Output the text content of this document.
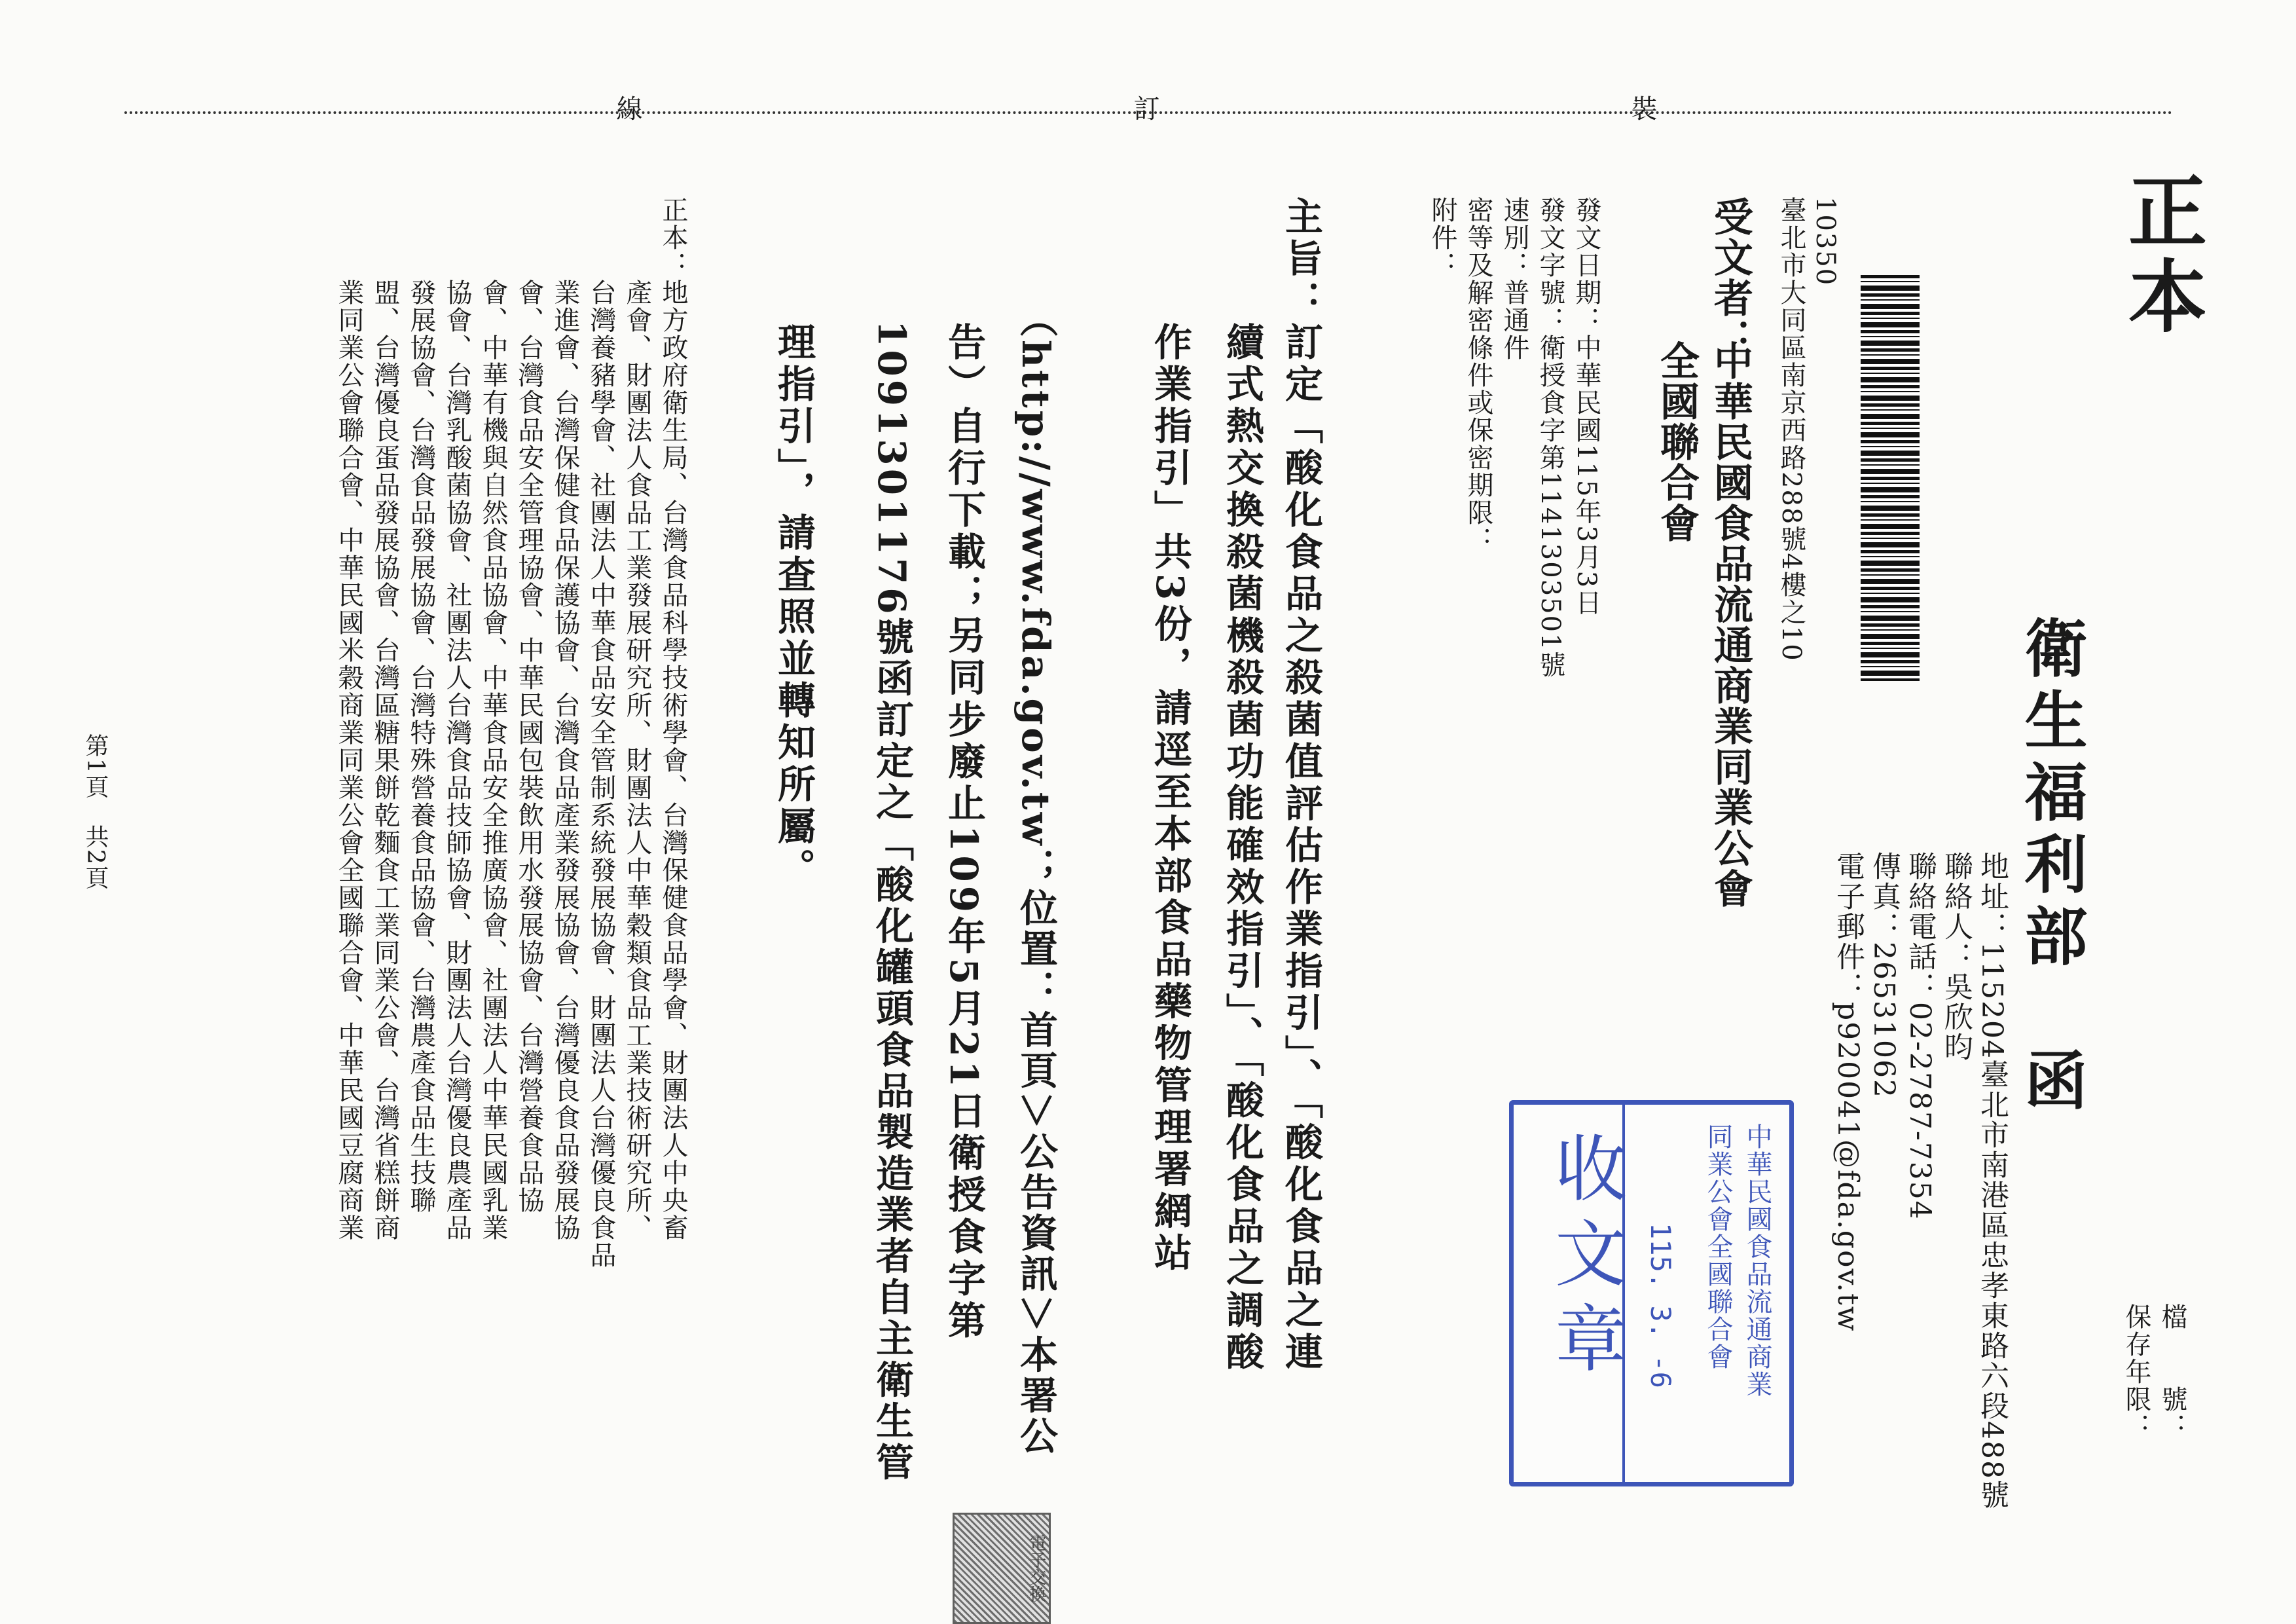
裝
訂
線
正本
檔　　號：
保存年限：
衛生福利部　函
地址：115204臺北市南港區忠孝東路六段488號
聯絡人：吳欣昀
聯絡電話：02-2787-7354
傳真：26531062
電子郵件：p920041@fda.gov.tw
10350
臺北市大同區南京西路288號4樓之10
受文者：
中華民國食品流通商業同業公會
全國聯合會
發文日期：中華民國115年3月3日
發文字號：衛授食字第1141303501號
速別：普通件
密等及解密條件或保密期限：
附件：
主旨：訂定「酸化食品之殺菌值評估作業指引」、「酸化食品之連
　　　續式熱交換殺菌機殺菌功能確效指引」、「酸化食品之調酸
　　　作業指引」共3份，請逕至本部食品藥物管理署網站
　　　（http://www.fda.gov.tw；位置：首頁＞公告資訊＞本署公
　　　告）自行下載；另同步廢止109年5月21日衛授食字第
　　　1091301176號函訂定之「酸化罐頭食品製造業者自主衛生管
　　　理指引」，請查照並轉知所屬。
正本：地方政府衛生局、台灣食品科學技術學會、台灣保健食品學會、財團法人中央畜
　　　產會、財團法人食品工業發展研究所、財團法人中華穀類食品工業技術研究所、
　　　台灣養豬學會、社團法人中華食品安全管制系統發展協會、財團法人台灣優良食品
　　　業進會、台灣保健食品保護協會、台灣食品產業發展協會、台灣優良食品發展協
　　　會、台灣食品安全管理協會、中華民國包裝飲用水發展協會、台灣營養食品協
　　　會、中華有機與自然食品協會、中華食品安全推廣協會、社團法人中華民國乳業
　　　協會、台灣乳酸菌協會、社團法人台灣食品技師協會、財團法人台灣優良農產品
　　　發展協會、台灣食品發展協會、台灣特殊營養食品協會、台灣農產食品生技聯
　　　盟、台灣優良蛋品發展協會、台灣區糖果餅乾麵食工業同業公會、台灣省糕餅商
　　　業同業公會聯合會、中華民國米穀商業同業公會全國聯合會、中華民國豆腐商業
中華民國食品流通商業
同業公會全國聯合會
115. 3. -6
收文章
電子交換
第1頁　共2頁
